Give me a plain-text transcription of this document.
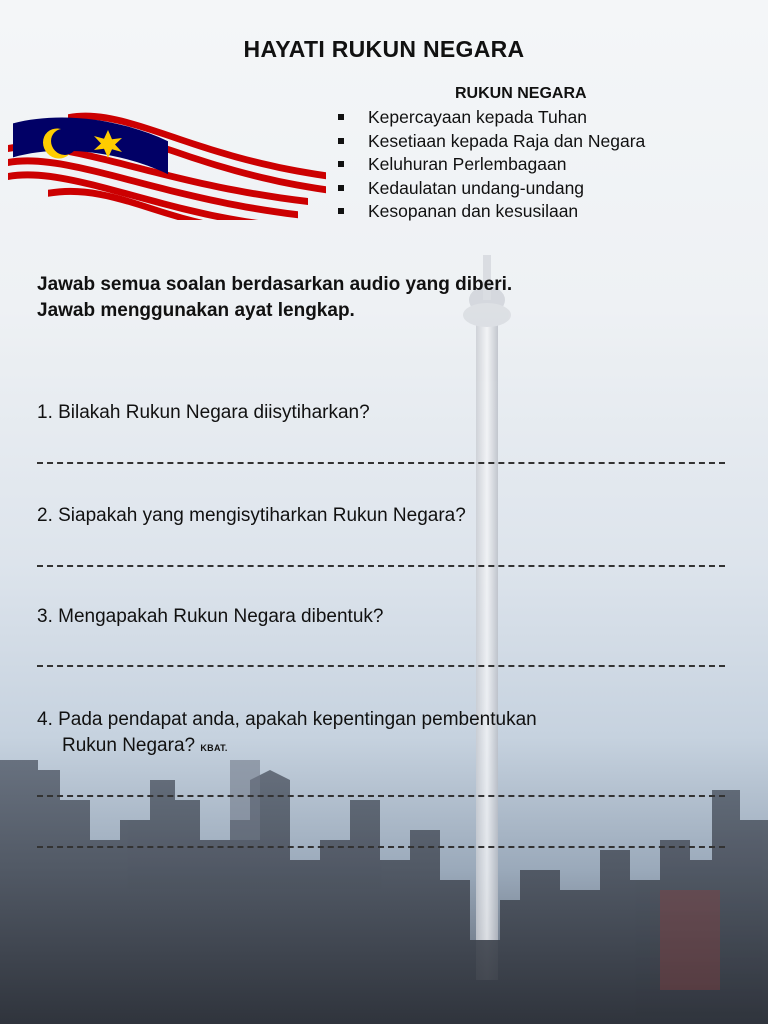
HAYATI RUKUN NEGARA
RUKUN NEGARA
Kepercayaan kepada Tuhan
Kesetiaan kepada Raja dan Negara
Keluhuran Perlembagaan
Kedaulatan undang-undang
Kesopanan dan kesusilaan
Jawab semua soalan berdasarkan audio yang diberi.
Jawab menggunakan ayat lengkap.
1. Bilakah Rukun Negara diisytiharkan?
2. Siapakah yang mengisytiharkan Rukun Negara?
3. Mengapakah Rukun Negara dibentuk?
4. Pada pendapat anda, apakah kepentingan pembentukan
Rukun Negara? KBAT.
